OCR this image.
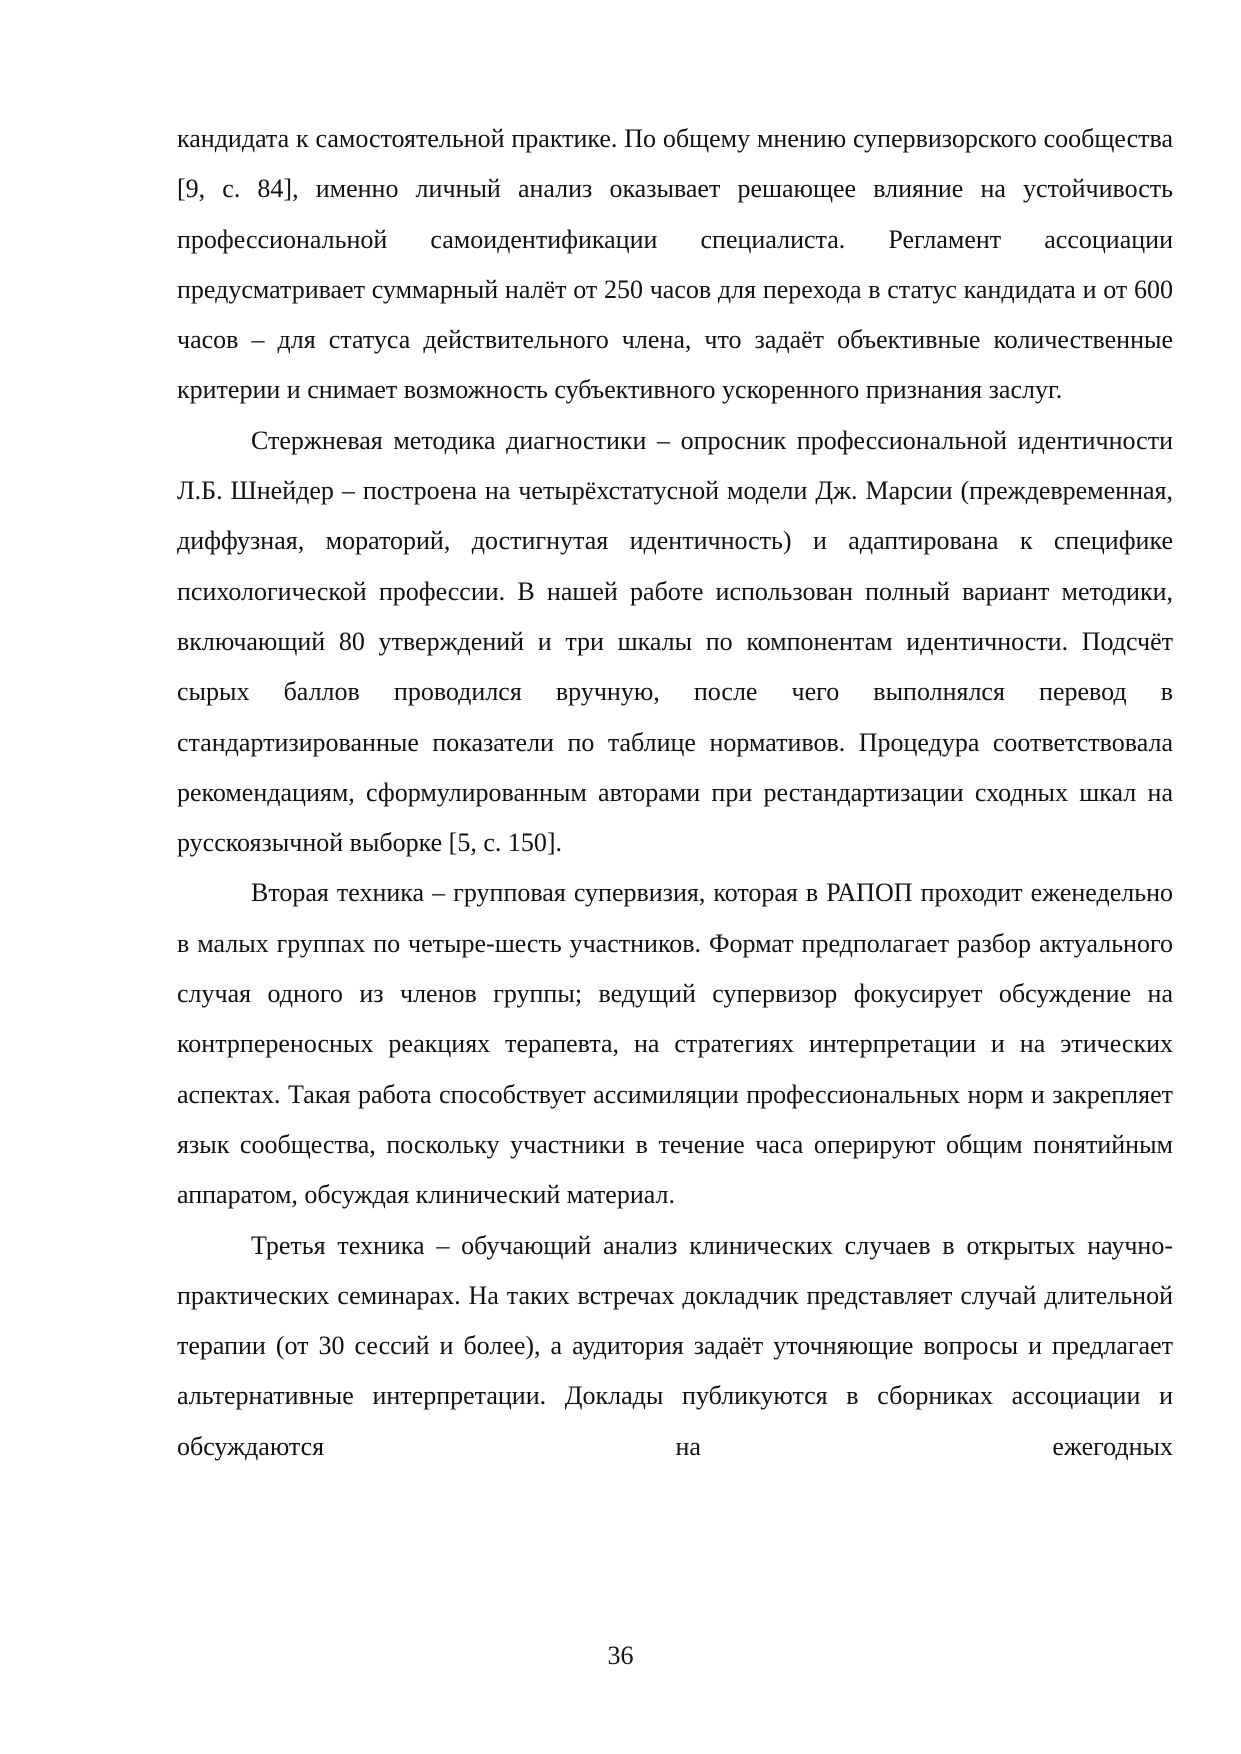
кандидата к самостоятельной практике. По общему мнению супервизорского сообщества [9, с. 84], именно личный анализ оказывает решающее влияние на устойчивость профессиональной самоидентификации специалиста. Регламент ассоциации предусматривает суммарный налёт от 250 часов для перехода в статус кандидата и от 600 часов – для статуса действительного члена, что задаёт объективные количественные критерии и снимает возможность субъективного ускоренного признания заслуг.

Стержневая методика диагностики – опросник профессиональной идентичности Л.Б. Шнейдер – построена на четырёхстатусной модели Дж. Марсии (преждевременная, диффузная, мораторий, достигнутая идентичность) и адаптирована к специфике психологической профессии. В нашей работе использован полный вариант методики, включающий 80 утверждений и три шкалы по компонентам идентичности. Подсчёт сырых баллов проводился вручную, после чего выполнялся перевод в стандартизированные показатели по таблице нормативов. Процедура соответствовала рекомендациям, сформулированным авторами при рестандартизации сходных шкал на русскоязычной выборке [5, с. 150].

Вторая техника – групповая супервизия, которая в РАПОП проходит еженедельно в малых группах по четыре-шесть участников. Формат предполагает разбор актуального случая одного из членов группы; ведущий супервизор фокусирует обсуждение на контрпереносных реакциях терапевта, на стратегиях интерпретации и на этических аспектах. Такая работа способствует ассимиляции профессиональных норм и закрепляет язык сообщества, поскольку участники в течение часа оперируют общим понятийным аппаратом, обсуждая клинический материал.

Третья техника – обучающий анализ клинических случаев в открытых научно-практических семинарах. На таких встречах докладчик представляет случай длительной терапии (от 30 сессий и более), а аудитория задаёт уточняющие вопросы и предлагает альтернативные интерпретации. Доклады публикуются в сборниках ассоциации и обсуждаются на ежегодных

36
